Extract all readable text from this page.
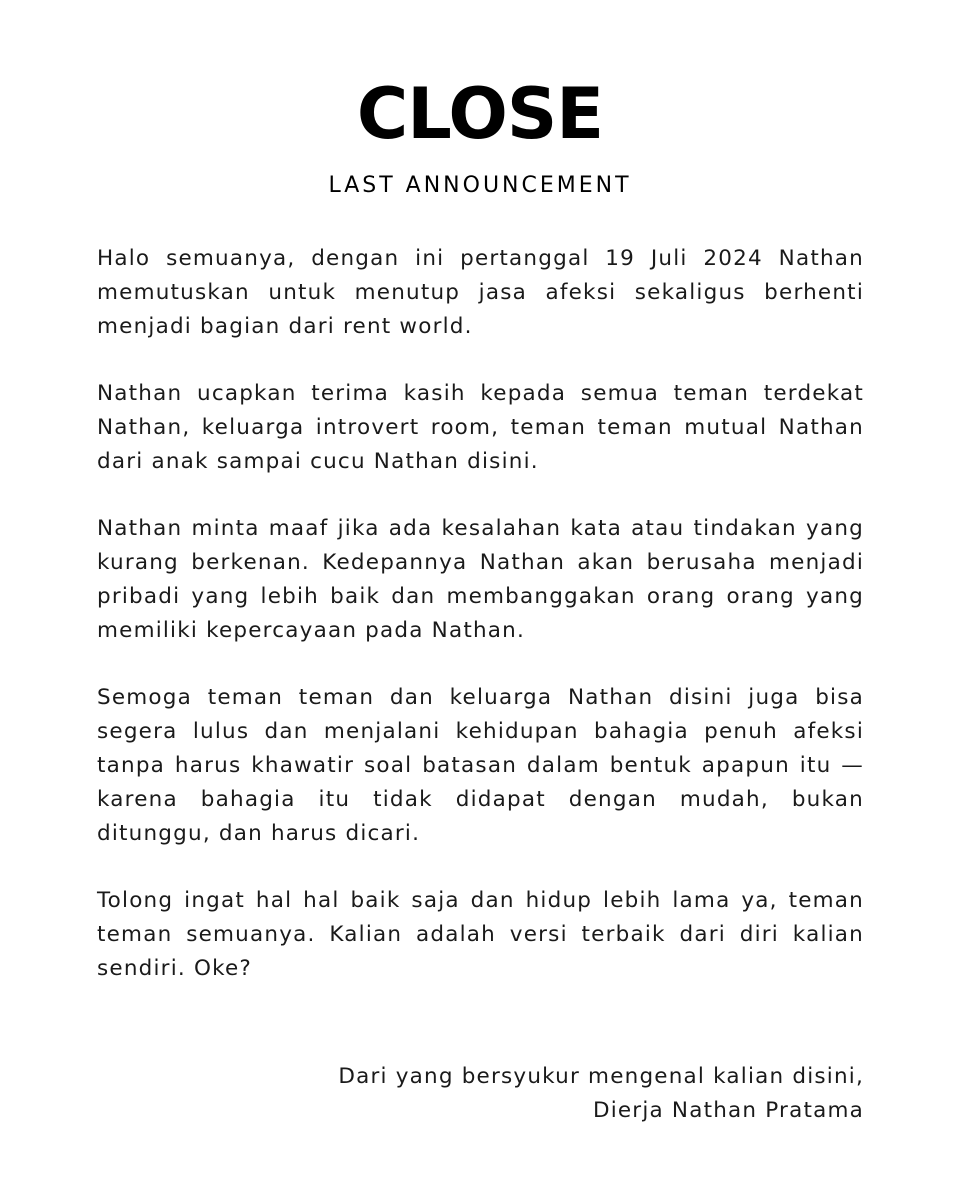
CLOSE
LAST ANNOUNCEMENT

Halo semuanya, dengan ini pertanggal 19 Juli 2024 Nathan memutuskan untuk menutup jasa afeksi sekaligus berhenti menjadi bagian dari rent world.

Nathan ucapkan terima kasih kepada semua teman terdekat Nathan, keluarga introvert room, teman teman mutual Nathan dari anak sampai cucu Nathan disini.

Nathan minta maaf jika ada kesalahan kata atau tindakan yang kurang berkenan. Kedepannya Nathan akan berusaha menjadi pribadi yang lebih baik dan membanggakan orang orang yang memiliki kepercayaan pada Nathan.

Semoga teman teman dan keluarga Nathan disini juga bisa segera lulus dan menjalani kehidupan bahagia penuh afeksi tanpa harus khawatir soal batasan dalam bentuk apapun itu — karena bahagia itu tidak didapat dengan mudah, bukan ditunggu, dan harus dicari.

Tolong ingat hal hal baik saja dan hidup lebih lama ya, teman teman semuanya. Kalian adalah versi terbaik dari diri kalian sendiri. Oke?

Dari yang bersyukur mengenal kalian disini,
Dierja Nathan Pratama
